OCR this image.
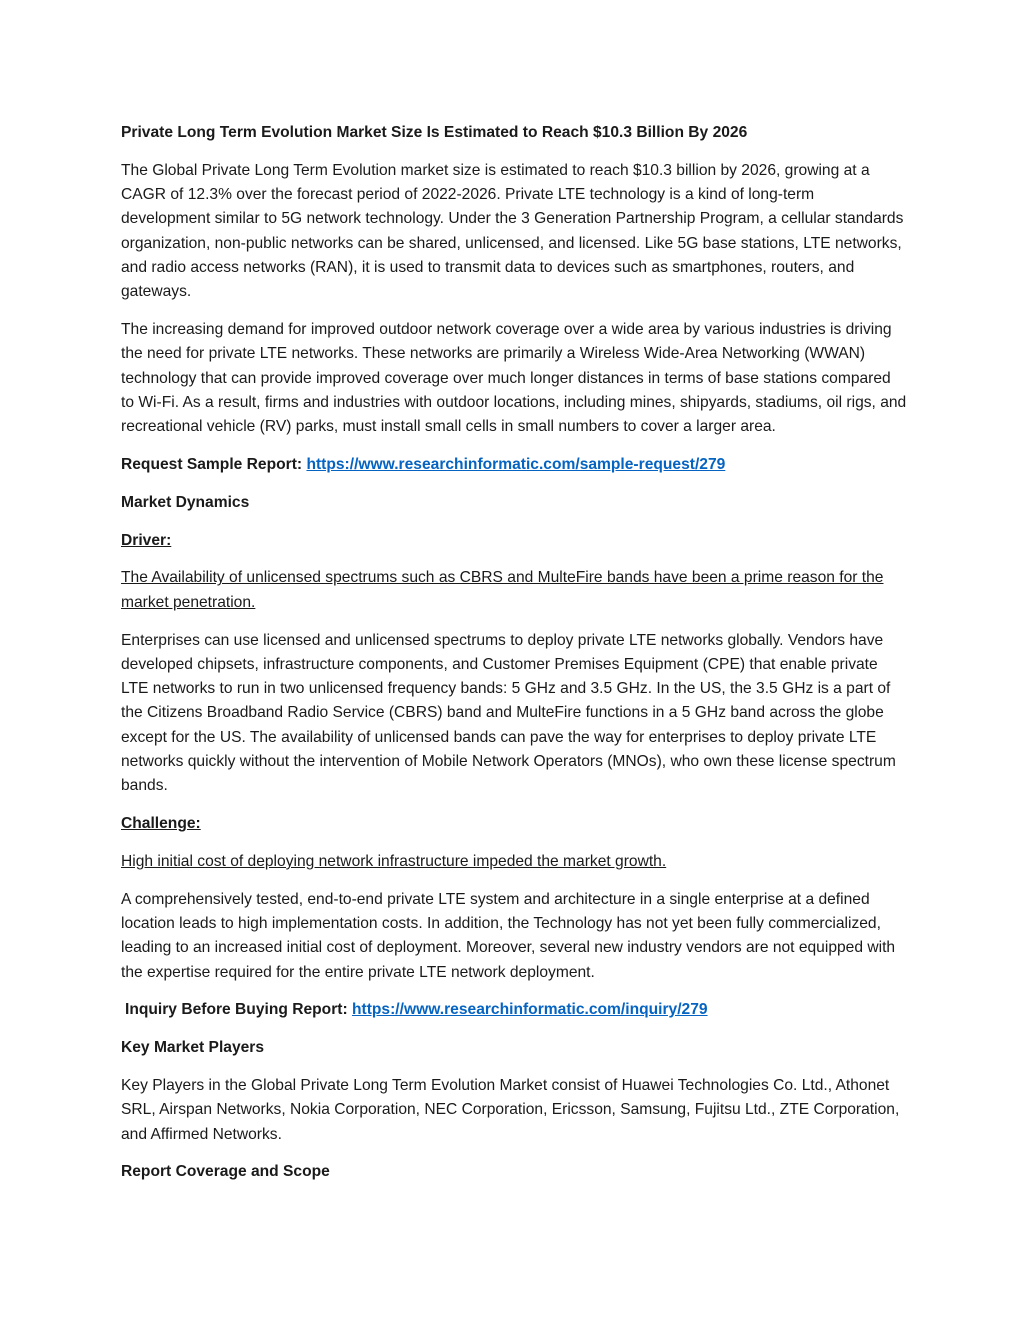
Private Long Term Evolution Market Size Is Estimated to Reach $10.3 Billion By 2026

The Global Private Long Term Evolution market size is estimated to reach $10.3 billion by 2026, growing at a CAGR of 12.3% over the forecast period of 2022-2026. Private LTE technology is a kind of long-term development similar to 5G network technology. Under the 3 Generation Partnership Program, a cellular standards organization, non-public networks can be shared, unlicensed, and licensed. Like 5G base stations, LTE networks, and radio access networks (RAN), it is used to transmit data to devices such as smartphones, routers, and gateways.

The increasing demand for improved outdoor network coverage over a wide area by various industries is driving the need for private LTE networks. These networks are primarily a Wireless Wide-Area Networking (WWAN) technology that can provide improved coverage over much longer distances in terms of base stations compared to Wi-Fi. As a result, firms and industries with outdoor locations, including mines, shipyards, stadiums, oil rigs, and recreational vehicle (RV) parks, must install small cells in small numbers to cover a larger area.

Request Sample Report: https://www.researchinformatic.com/sample-request/279

Market Dynamics

Driver:

The Availability of unlicensed spectrums such as CBRS and MulteFire bands have been a prime reason for the market penetration.

Enterprises can use licensed and unlicensed spectrums to deploy private LTE networks globally. Vendors have developed chipsets, infrastructure components, and Customer Premises Equipment (CPE) that enable private LTE networks to run in two unlicensed frequency bands: 5 GHz and 3.5 GHz. In the US, the 3.5 GHz is a part of the Citizens Broadband Radio Service (CBRS) band and MulteFire functions in a 5 GHz band across the globe except for the US. The availability of unlicensed bands can pave the way for enterprises to deploy private LTE networks quickly without the intervention of Mobile Network Operators (MNOs), who own these license spectrum bands.

Challenge:

High initial cost of deploying network infrastructure impeded the market growth.

A comprehensively tested, end-to-end private LTE system and architecture in a single enterprise at a defined location leads to high implementation costs. In addition, the Technology has not yet been fully commercialized, leading to an increased initial cost of deployment. Moreover, several new industry vendors are not equipped with the expertise required for the entire private LTE network deployment.

Inquiry Before Buying Report: https://www.researchinformatic.com/inquiry/279

Key Market Players

Key Players in the Global Private Long Term Evolution Market consist of Huawei Technologies Co. Ltd., Athonet SRL, Airspan Networks, Nokia Corporation, NEC Corporation, Ericsson, Samsung, Fujitsu Ltd., ZTE Corporation, and Affirmed Networks.

Report Coverage and Scope
